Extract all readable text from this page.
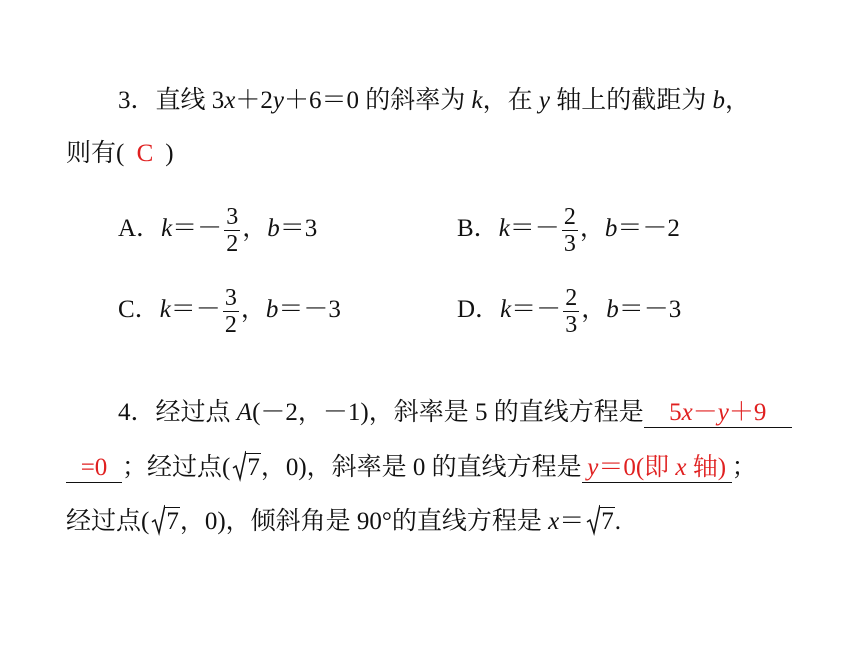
3．直线 3x＋2y＋6＝0 的斜率为 k，在 y 轴上的截距为 b，
则有( C )
A．$k=- \frac{3}{2}$ ，b＝3	B．$k=- \frac{2}{3}$ ，b＝－2
C．$k=- \frac{3}{2}$ ，b＝－3	D．$k=- \frac{2}{3}$ ，b＝－3
4．经过点 A(－2，－1)，斜率是 5 的直线方程是 5x－y＋9
=0 ；经过点( 7，0)，斜率是 0 的直线方程是 y＝0(即 x 轴) ；
经过点( 7，0)，倾斜角是 90°的直线方程是 x＝ 7.
